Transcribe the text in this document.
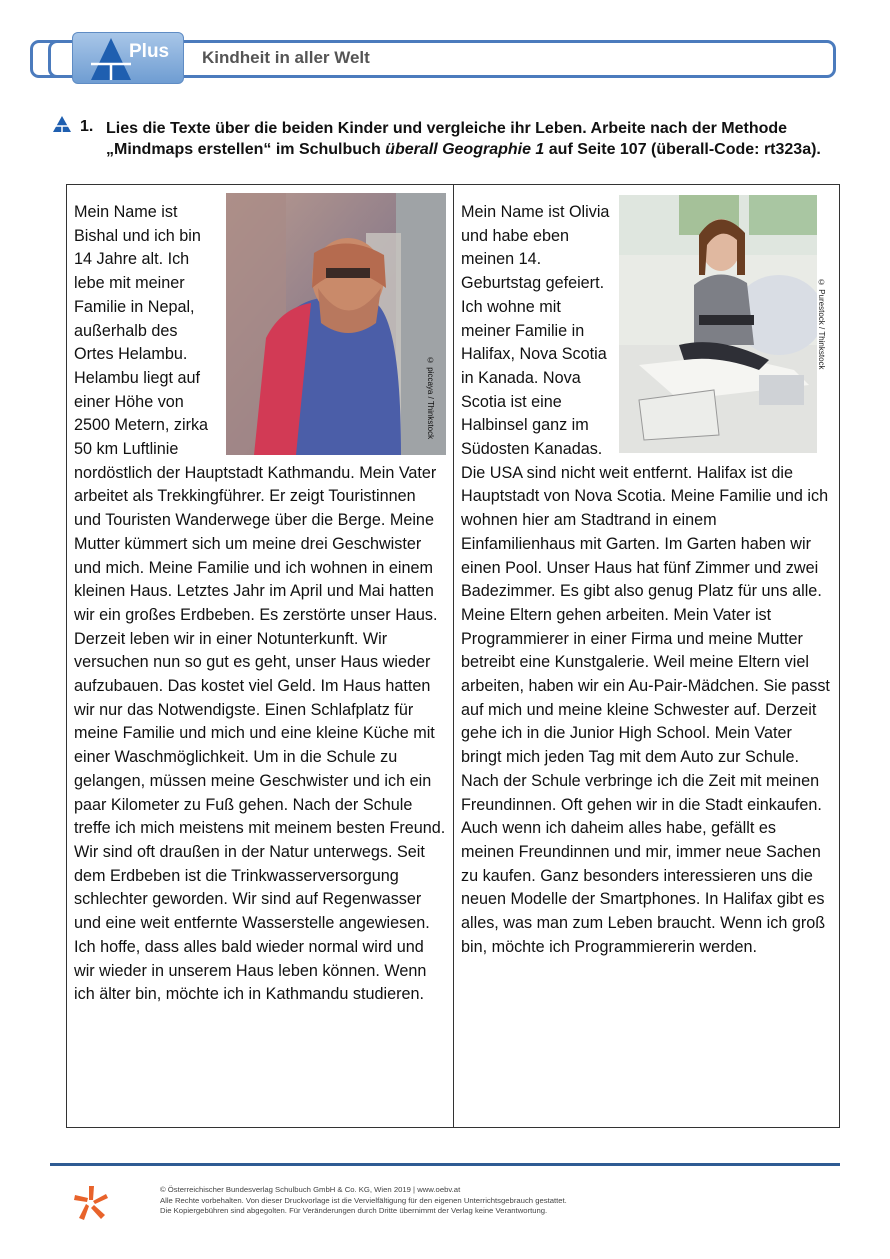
Plus Kindheit in aller Welt
1. Lies die Texte über die beiden Kinder und vergleiche ihr Leben. Arbeite nach der Methode „Mindmaps erstellen“ im Schulbuch überall Geographie 1 auf Seite 107 (überall-Code: rt323a).
© piccaya / Thinkstock
Mein Name ist Bishal und ich bin 14 Jahre alt. Ich lebe mit meiner Familie in Nepal, außerhalb des Ortes Helambu. Helambu liegt auf einer Höhe von 2500 Metern, zirka 50 km Luftlinie nordöstlich der Hauptstadt Kathmandu. Mein Vater arbeitet als Trekkingführer. Er zeigt Touristinnen und Touristen Wanderwege über die Berge. Meine Mutter kümmert sich um meine drei Geschwister und mich. Meine Familie und ich wohnen in einem kleinen Haus. Letztes Jahr im April und Mai hatten wir ein großes Erdbeben. Es zerstörte unser Haus. Derzeit leben wir in einer Notunterkunft. Wir versuchen nun so gut es geht, unser Haus wieder aufzubauen. Das kostet viel Geld. Im Haus hatten wir nur das Notwendigste. Einen Schlafplatz für meine Familie und mich und eine kleine Küche mit einer Waschmöglichkeit. Um in die Schule zu gelangen, müssen meine Geschwister und ich ein paar Kilometer zu Fuß gehen. Nach der Schule treffe ich mich meistens mit meinem besten Freund. Wir sind oft draußen in der Natur unterwegs. Seit dem Erdbeben ist die Trinkwasserversorgung schlechter geworden. Wir sind auf Regenwasser und eine weit entfernte Wasserstelle angewiesen. Ich hoffe, dass alles bald wieder normal wird und wir wieder in unserem Haus leben können. Wenn ich älter bin, möchte ich in Kathmandu studieren.
© Purestock / Thinkstock
Mein Name ist Olivia und habe eben meinen 14. Geburtstag gefeiert. Ich wohne mit meiner Familie in Halifax, Nova Scotia in Kanada. Nova Scotia ist eine Halbinsel ganz im Südosten Kanadas. Die USA sind nicht weit entfernt. Halifax ist die Hauptstadt von Nova Scotia. Meine Familie und ich wohnen hier am Stadtrand in einem Einfamilienhaus mit Garten. Im Garten haben wir einen Pool. Unser Haus hat fünf Zimmer und zwei Badezimmer. Es gibt also genug Platz für uns alle. Meine Eltern gehen arbeiten. Mein Vater ist Programmierer in einer Firma und meine Mutter betreibt eine Kunstgalerie. Weil meine Eltern viel arbeiten, haben wir ein Au-Pair-Mädchen. Sie passt auf mich und meine kleine Schwester auf. Derzeit gehe ich in die Junior High School. Mein Vater bringt mich jeden Tag mit dem Auto zur Schule. Nach der Schule verbringe ich die Zeit mit meinen Freundinnen. Oft gehen wir in die Stadt einkaufen. Auch wenn ich daheim alles habe, gefällt es meinen Freundinnen und mir, immer neue Sachen zu kaufen. Ganz besonders interessieren uns die neuen Modelle der Smartphones. In Halifax gibt es alles, was man zum Leben braucht. Wenn ich groß bin, möchte ich Programmiererin werden.
© Österreichischer Bundesverlag Schulbuch GmbH & Co. KG, Wien 2019 | www.oebv.at
Alle Rechte vorbehalten. Von dieser Druckvorlage ist die Vervielfältigung für den eigenen Unterrichtsgebrauch gestattet.
Die Kopiergebühren sind abgegolten. Für Veränderungen durch Dritte übernimmt der Verlag keine Verantwortung.
